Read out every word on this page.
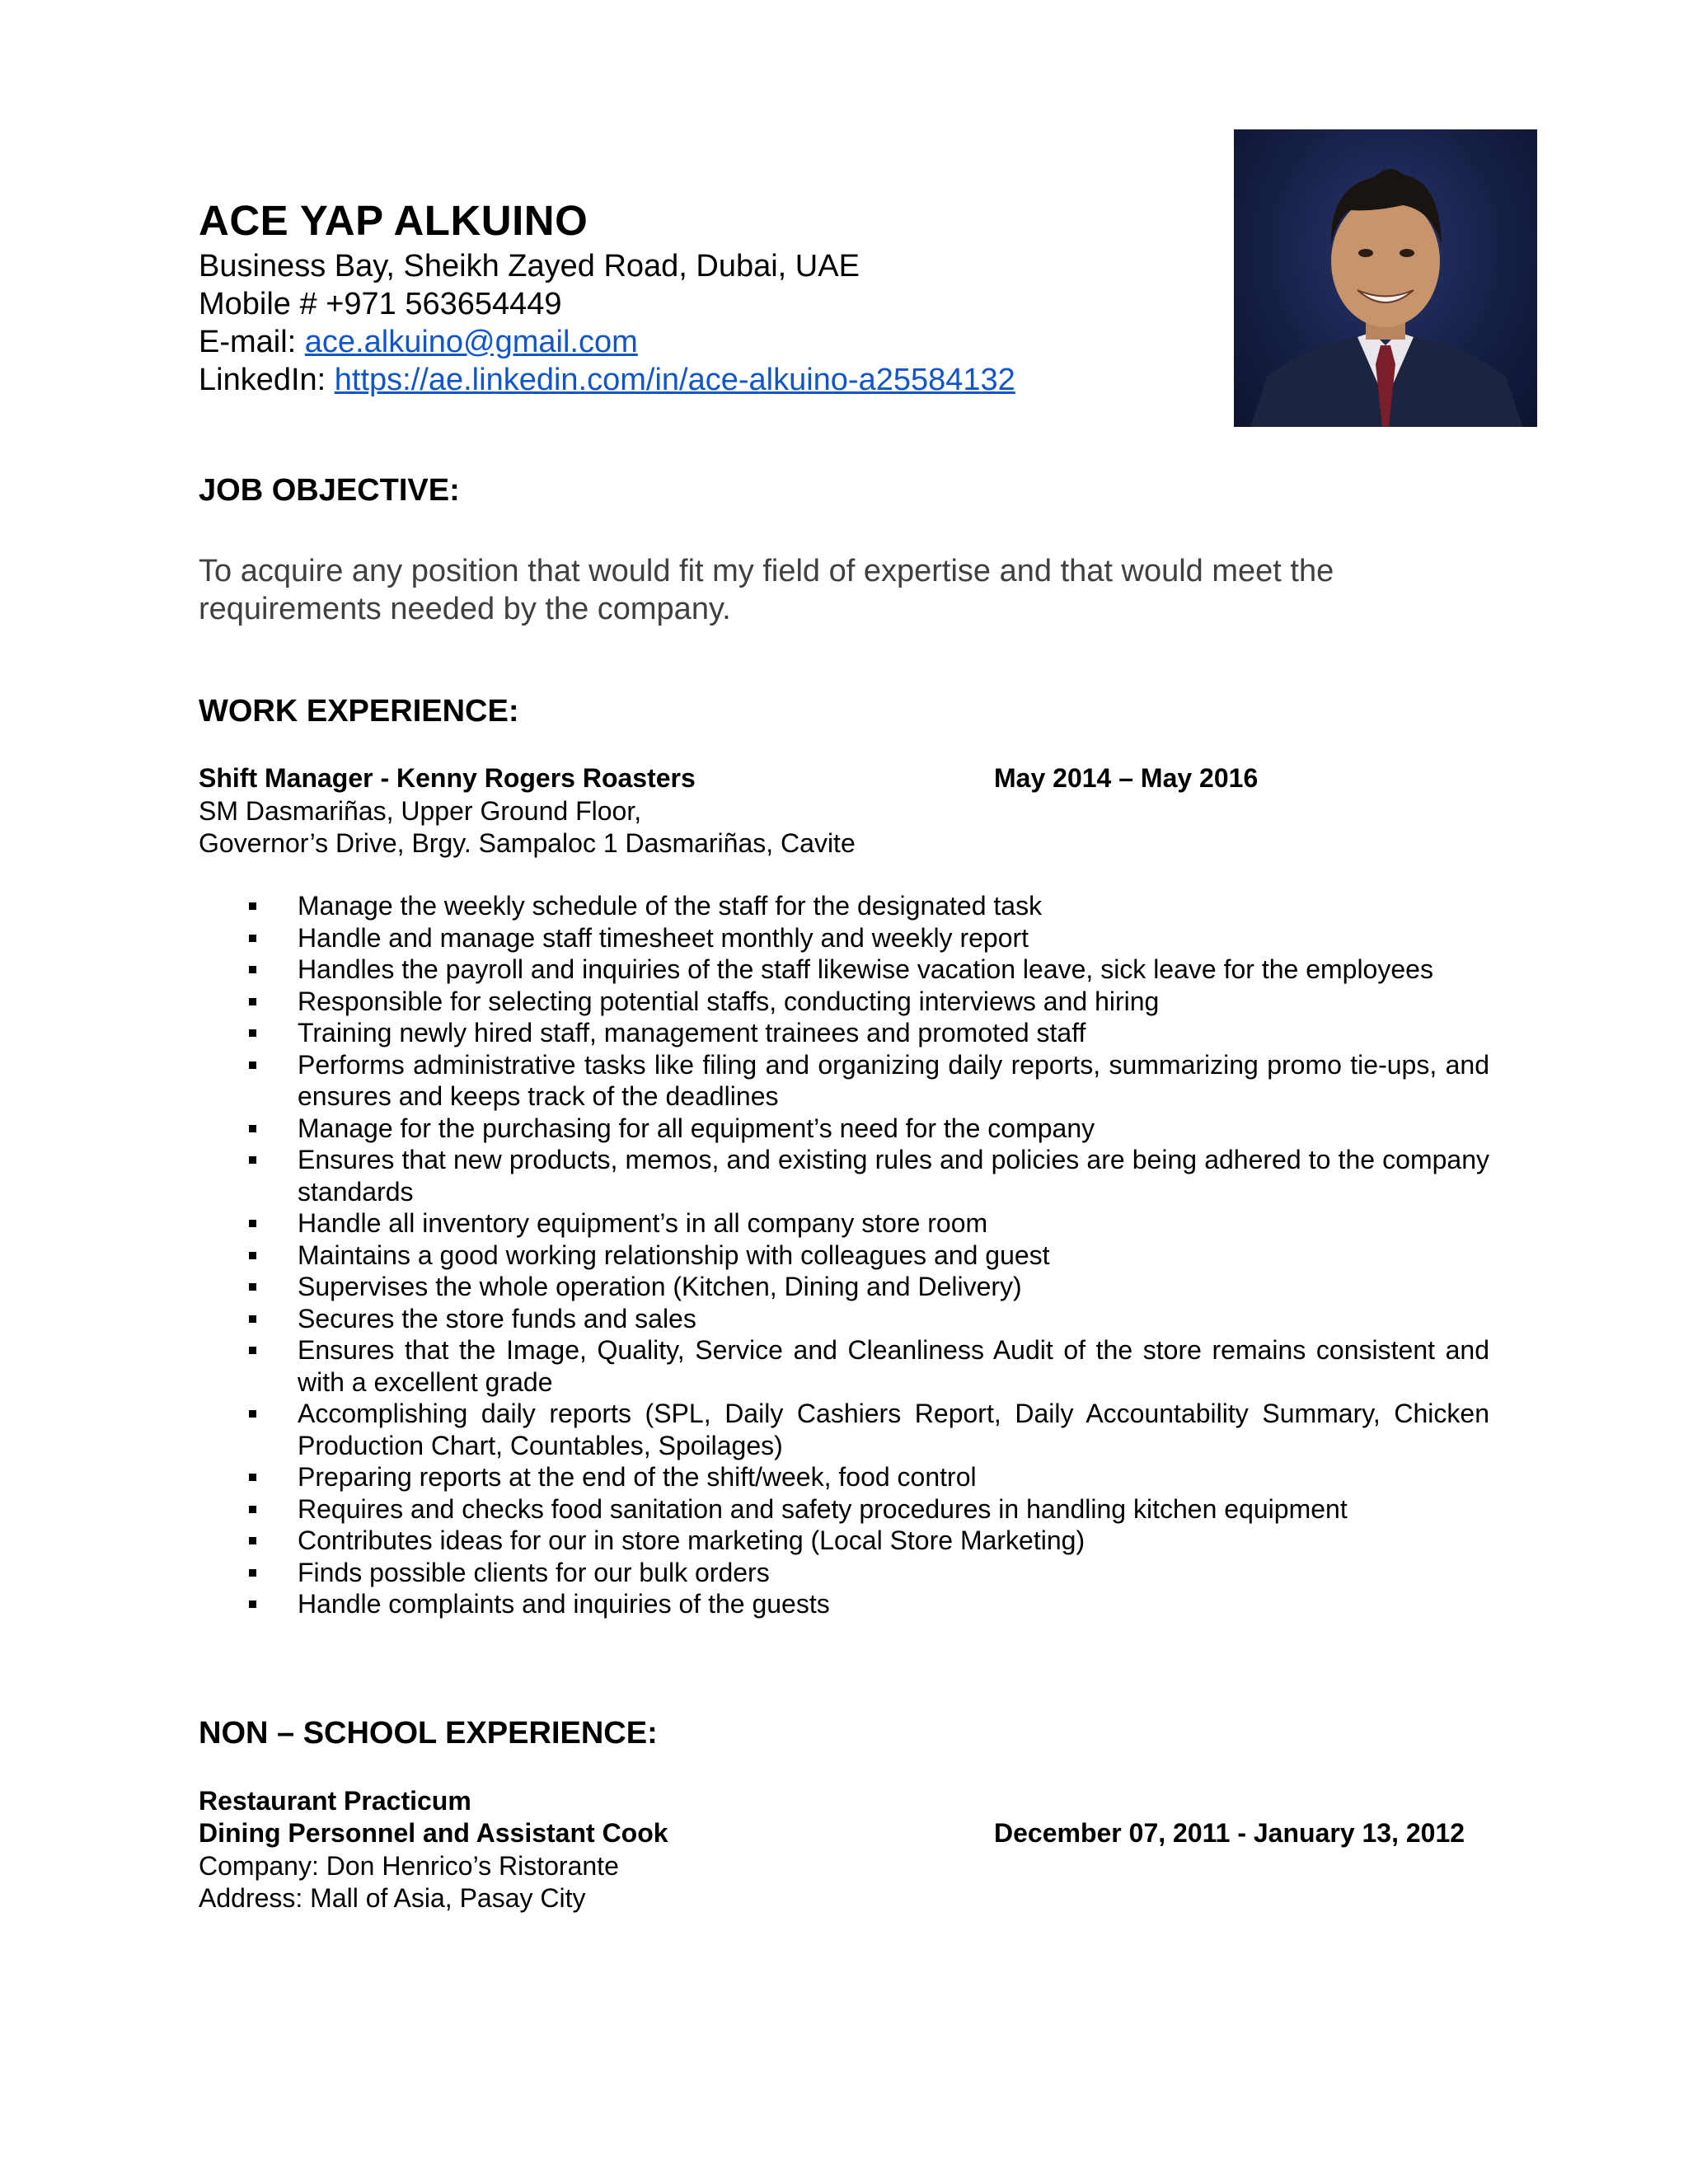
ACE YAP ALKUINO
Business Bay, Sheikh Zayed Road, Dubai, UAE
Mobile # +971 563654449
E-mail: ace.alkuino@gmail.com
LinkedIn: https://ae.linkedin.com/in/ace-alkuino-a25584132
JOB OBJECTIVE:
To acquire any position that would fit my field of expertise and that would meet the requirements needed by the company.
WORK EXPERIENCE:
Shift Manager - Kenny Rogers Roasters	May 2014 – May 2016
SM Dasmariñas, Upper Ground Floor,
Governor’s Drive, Brgy. Sampaloc 1 Dasmariñas, Cavite
Manage the weekly schedule of the staff for the designated task
Handle and manage staff timesheet monthly and weekly report
Handles the payroll and inquiries of the staff likewise vacation leave, sick leave for the employees
Responsible for selecting potential staffs, conducting interviews and hiring
Training newly hired staff, management trainees and promoted staff
Performs administrative tasks like filing and organizing daily reports, summarizing promo tie-ups, and ensures and keeps track of the deadlines
Manage for the purchasing for all equipment’s need for the company
Ensures that new products, memos, and existing rules and policies are being adhered to the company standards
Handle all inventory equipment’s in all company store room
Maintains a good working relationship with colleagues and guest
Supervises the whole operation (Kitchen, Dining and Delivery)
Secures the store funds and sales
Ensures that the Image, Quality, Service and Cleanliness Audit of the store remains consistent and with a excellent grade
Accomplishing daily reports (SPL, Daily Cashiers Report, Daily Accountability Summary, Chicken Production Chart, Countables, Spoilages)
Preparing reports at the end of the shift/week, food control
Requires and checks food sanitation and safety procedures in handling kitchen equipment
Contributes ideas for our in store marketing (Local Store Marketing)
Finds possible clients for our bulk orders
Handle complaints and inquiries of the guests
NON – SCHOOL EXPERIENCE:
Restaurant Practicum
Dining Personnel and Assistant Cook	December 07, 2011 - January 13, 2012
Company: Don Henrico’s Ristorante
Address: Mall of Asia, Pasay City
